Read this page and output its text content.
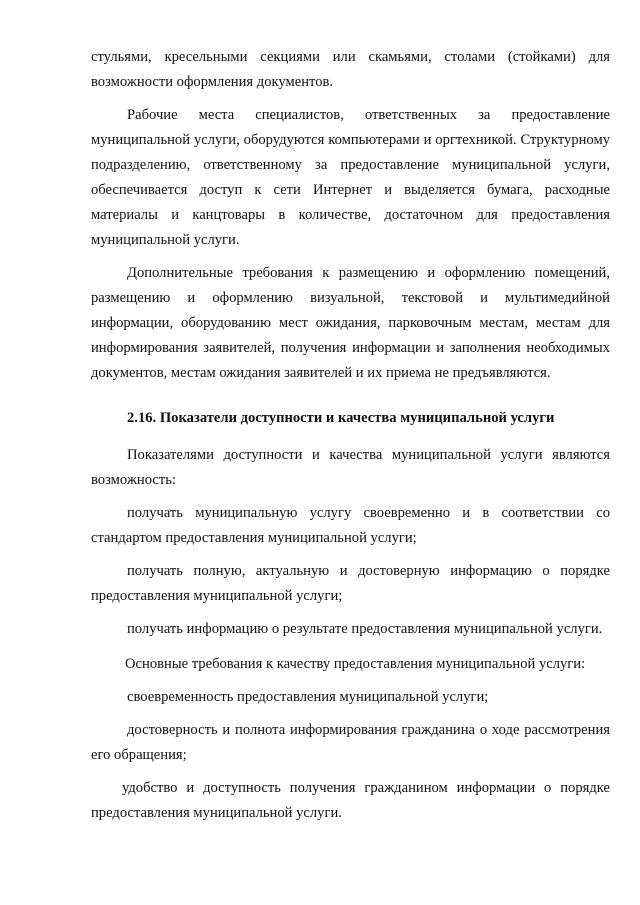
стульями, кресельными секциями или скамьями, столами (стойками) для возможности оформления документов.

Рабочие места специалистов, ответственных за предоставление муниципальной услуги, оборудуются компьютерами и оргтехникой. Структурному подразделению, ответственному за предоставление муниципальной услуги, обеспечивается доступ к сети Интернет и выделяется бумага, расходные материалы и канцтовары в количестве, достаточном для предоставления муниципальной услуги.

Дополнительные требования к размещению и оформлению помещений, размещению и оформлению визуальной, текстовой и мультимедийной информации, оборудованию мест ожидания, парковочным местам, местам для информирования заявителей, получения информации и заполнения необходимых документов, местам ожидания заявителей и их приема не предъявляются.

2.16. Показатели доступности и качества муниципальной услуги

Показателями доступности и качества муниципальной услуги являются возможность:

получать муниципальную услугу своевременно и в соответствии со стандартом предоставления муниципальной услуги;

получать полную, актуальную и достоверную информацию о порядке предоставления муниципальной услуги;

получать информацию о результате предоставления муниципальной услуги.

Основные требования к качеству предоставления муниципальной услуги:

своевременность предоставления муниципальной услуги;

достоверность и полнота информирования гражданина о ходе рассмотрения его обращения;

удобство и доступность получения гражданином информации о порядке предоставления муниципальной услуги.
